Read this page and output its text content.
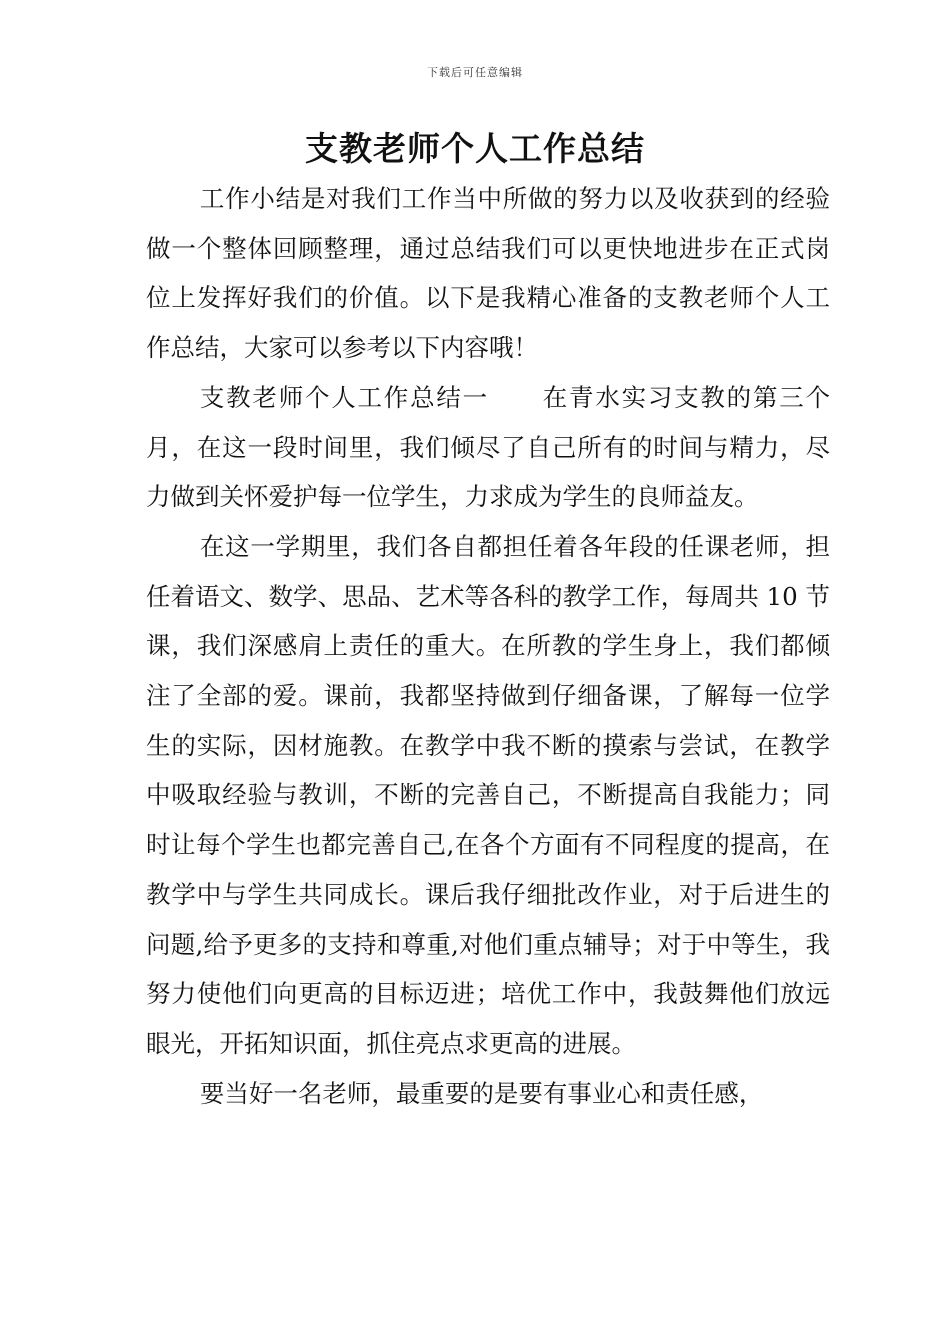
下载后可任意编辑
支教老师个人工作总结

工作小结是对我们工作当中所做的努力以及收获到的经验做一个整体回顾整理，通过总结我们可以更快地进步在正式岗位上发挥好我们的价值。以下是我精心准备的支教老师个人工作总结，大家可以参考以下内容哦！

支教老师个人工作总结一 在青水实习支教的第三个月，在这一段时间里，我们倾尽了自己所有的时间与精力，尽力做到关怀爱护每一位学生，力求成为学生的良师益友。

在这一学期里，我们各自都担任着各年段的任课老师，担任着语文、数学、思品、艺术等各科的教学工作，每周共 10 节课，我们深感肩上责任的重大。在所教的学生身上，我们都倾注了全部的爱。课前，我都坚持做到仔细备课，了解每一位学生的实际，因材施教。在教学中我不断的摸索与尝试，在教学中吸取经验与教训，不断的完善自己，不断提高自我能力；同时让每个学生也都完善自己,在各个方面有不同程度的提高，在教学中与学生共同成长。课后我仔细批改作业，对于后进生的问题,给予更多的支持和尊重,对他们重点辅导；对于中等生，我努力使他们向更高的目标迈进；培优工作中，我鼓舞他们放远眼光，开拓知识面，抓住亮点求更高的进展。

要当好一名老师，最重要的是要有事业心和责任感，
